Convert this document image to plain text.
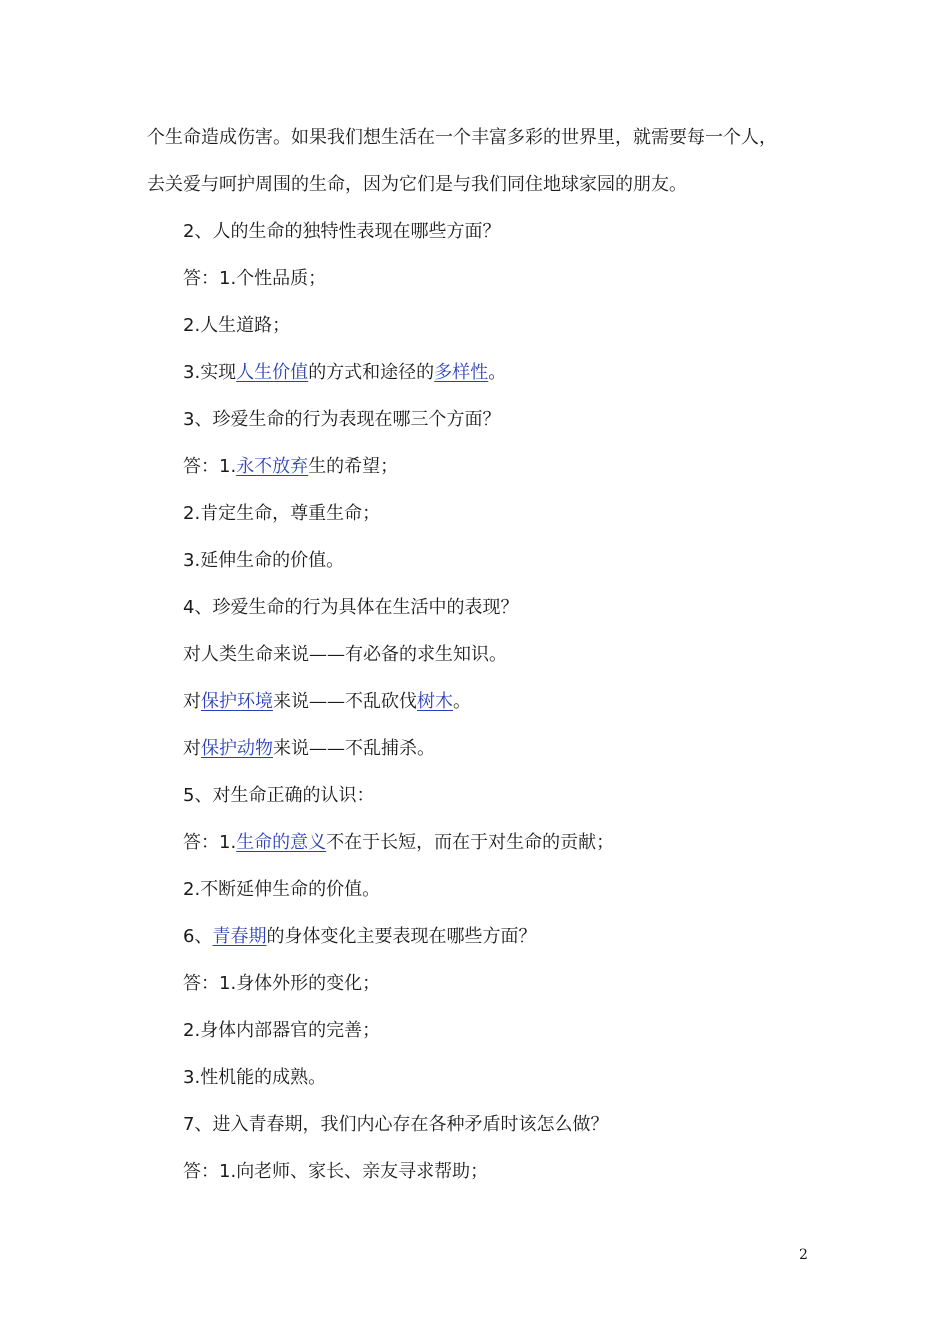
个生命造成伤害。如果我们想生活在一个丰富多彩的世界里，就需要每一个人，
去关爱与呵护周围的生命，因为它们是与我们同住地球家园的朋友。
2、人的生命的独特性表现在哪些方面？
答：1.个性品质；
2.人生道路；
3.实现人生价值的方式和途径的多样性。
3、珍爱生命的行为表现在哪三个方面？
答：1.永不放弃生的希望；
2.肯定生命，尊重生命；
3.延伸生命的价值。
4、珍爱生命的行为具体在生活中的表现？
对人类生命来说——有必备的求生知识。
对保护环境来说——不乱砍伐树木。
对保护动物来说——不乱捕杀。
5、对生命正确的认识：
答：1.生命的意义不在于长短，而在于对生命的贡献；
2.不断延伸生命的价值。
6、青春期的身体变化主要表现在哪些方面？
答：1.身体外形的变化；
2.身体内部器官的完善；
3.性机能的成熟。
7、进入青春期，我们内心存在各种矛盾时该怎么做？
答：1.向老师、家长、亲友寻求帮助；
2
